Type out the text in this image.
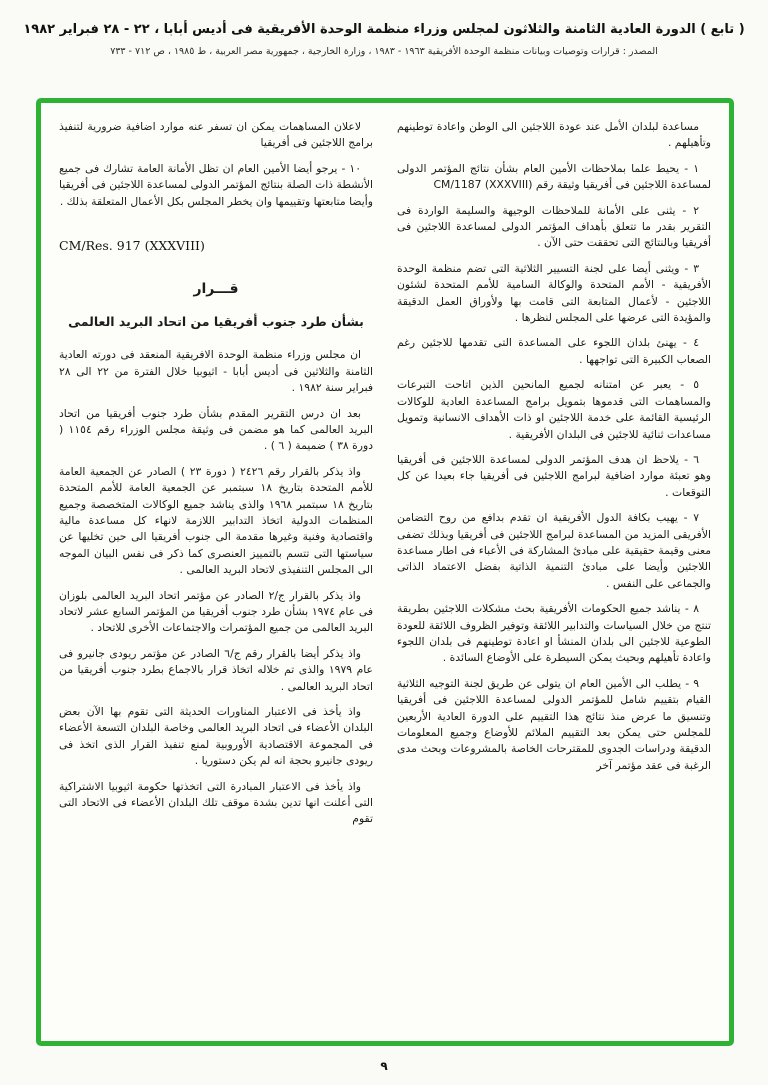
( تابع ) الدورة العادية الثامنة والثلاثون لمجلس وزراء منظمة الوحدة الأفريقية فى أديس أبابا ، ٢٢ - ٢٨ فبراير ١٩٨٢
المصدر : قرارات وتوصيات وبيانات منظمة الوحدة الأفريقية ١٩٦٣ - ١٩٨٣ ، وزارة الخارجية ، جمهورية مصر العربية ، ط ١٩٨٥ ، ص ٧١٢ - ٧٣٣

مساعدة لبلدان الأمل عند عودة اللاجئين الى الوطن واعادة توطينهم وتأهيلهم .

١ - يحيط علما بملاحظات الأمين العام بشأن نتائج المؤتمر الدولى لمساعدة اللاجئين فى أفريقيا وثيقة رقم ‎CM/1187 (XXXVIII)‎

٢ - يثنى على الأمانة للملاحظات الوجيهة والسليمة الواردة فى التقرير بقدر ما تتعلق بأهداف المؤتمر الدولى لمساعدة اللاجئين فى أفريقيا وبالنتائج التى تحققت حتى الآن .

٣ - ويثنى أيضا على لجنة التسيير الثلاثية التى تضم منظمة الوحدة الأفريقية - الأمم المتحدة والوكالة السامية للأمم المتحدة لشئون اللاجئين - لأعمال المتابعة التى قامت بها ولأوراق العمل الدقيقة والمؤيدة التى عرضها على المجلس لنظرها .

٤ - يهنئ بلدان اللجوء على المساعدة التى تقدمها للاجئين رغم الصعاب الكبيرة التى تواجهها .

٥ - يعبر عن امتنانه لجميع المانحين الذين اتاحت التبرعات والمساهمات التى قدموها بتمويل برامج المساعدة العادية للوكالات الرئيسية القائمة على خدمة اللاجئين او ذات الأهداف الانسانية وتمويل مساعدات ثنائية للاجئين فى البلدان الأفريقية .

٦ - يلاحظ ان هدف المؤتمر الدولى لمساعدة اللاجئين فى أفريقيا وهو تعبئة موارد اضافية لبرامج اللاجئين فى أفريقيا جاء بعيدا عن كل التوقعات .

٧ - يهيب بكافة الدول الأفريقية ان تقدم بدافع من روح التضامن الأفريقى المزيد من المساعدة لبرامج اللاجئين فى أفريقيا وبذلك تضفى معنى وقيمة حقيقية على مبادئ المشاركة فى الأعباء فى اطار مساعدة اللاجئين وأيضا على مبادئ التنمية الذاتية بفضل الاعتماد الذاتى والجماعى على النفس .

٨ - يناشد جميع الحكومات الأفريقية بحث مشكلات اللاجئين بطريقة تنتج من خلال السياسات والتدابير اللائقة وتوفير الظروف اللائقة للعودة الطوعية للاجئين الى بلدان المنشأ او اعادة توطينهم فى بلدان اللجوء واعادة تأهيلهم وبحيث يمكن السيطرة على الأوضاع السائدة .

٩ - يطلب الى الأمين العام ان يتولى عن طريق لجنة التوجيه الثلاثية القيام بتقييم شامل للمؤتمر الدولى لمساعدة اللاجئين فى أفريقيا وتنسيق ما عرض منذ نتائج هذا التقييم على الدورة العادية الأربعين للمجلس حتى يمكن بعد التقييم الملائم للأوضاع وجميع المعلومات الدقيقة ودراسات الجدوى للمقترحات الخاصة بالمشروعات وبحث مدى الرغبة فى عقد مؤتمر آخر

لاعلان المساهمات يمكن ان تسفر عنه موارد اضافية ضرورية لتنفيذ برامج اللاجئين فى أفريقيا

١٠ - يرجو أيضا الأمين العام ان تظل الأمانة العامة تشارك فى جميع الأنشطة ذات الصلة بنتائج المؤتمر الدولى لمساعدة اللاجئين فى أفريقيا وأيضا متابعتها وتقييمها وان يخطر المجلس بكل الأعمال المتعلقة بذلك .

CM/Res. 917 (XXXVIII)
قـــرار
بشأن طرد جنوب أفريقيا من اتحاد البريد العالمى

ان مجلس وزراء منظمة الوحدة الافريقية المنعقد فى دورته العادية الثامنة والثلاثين فى أديس أبابا - اثيوبيا خلال الفترة من ٢٢ الى ٢٨ فبراير سنة ١٩٨٢ .

بعد ان درس التقرير المقدم بشأن طرد جنوب أفريقيا من اتحاد البريد العالمى كما هو مضمن فى وثيقة مجلس الوزراء رقم ١١٥٤ ( دورة ٣٨ ) ضميمة ( ٦ ) .

واذ يذكر بالقرار رقم ٢٤٢٦ ( دورة ٢٣ ) الصادر عن الجمعية العامة للأمم المتحدة بتاريخ ١٨ سبتمبر عن الجمعية العامة للأمم المتحدة بتاريخ ١٨ سبتمبر ١٩٦٨ والذى يناشد جميع الوكالات المتخصصة وجميع المنظمات الدولية اتخاذ التدابير اللازمة لانهاء كل مساعدة مالية واقتصادية وفنية وغيرها مقدمة الى جنوب أفريقيا الى حين تخليها عن سياستها التى تتسم بالتمييز العنصرى كما ذكر فى نفس البيان الموجه الى المجلس التنفيذى لاتحاد البريد العالمى .

واذ يذكر بالقرار ج/٢ الصادر عن مؤتمر اتحاد البريد العالمى بلوزان فى عام ١٩٧٤ بشأن طرد جنوب أفريقيا من المؤتمر السابع عشر لاتحاد البريد العالمى من جميع المؤتمرات والاجتماعات الأخرى للاتحاد .

واذ يذكر أيضا بالقرار رقم ج/٦ الصادر عن مؤتمر ريودى جانيرو فى عام ١٩٧٩ والذى تم خلاله اتخاذ قرار بالاجماع بطرد جنوب أفريقيا من اتحاد البريد العالمى .

واذ يأخذ فى الاعتبار المناورات الحديثة التى تقوم بها الآن بعض البلدان الأعضاء فى اتحاد البريد العالمى وخاصة البلدان التسعة الأعضاء فى المجموعة الاقتصادية الأوروبية لمنع تنفيذ القرار الذى اتخذ فى ريودى جانيرو بحجة انه لم يكن دستوريا .

واذ يأخذ فى الاعتبار المبادرة التى اتخذتها حكومة اثيوبيا الاشتراكية التى أعلنت انها تدين بشدة موقف تلك البلدان الأعضاء فى الاتحاد التى تقوم

٩
